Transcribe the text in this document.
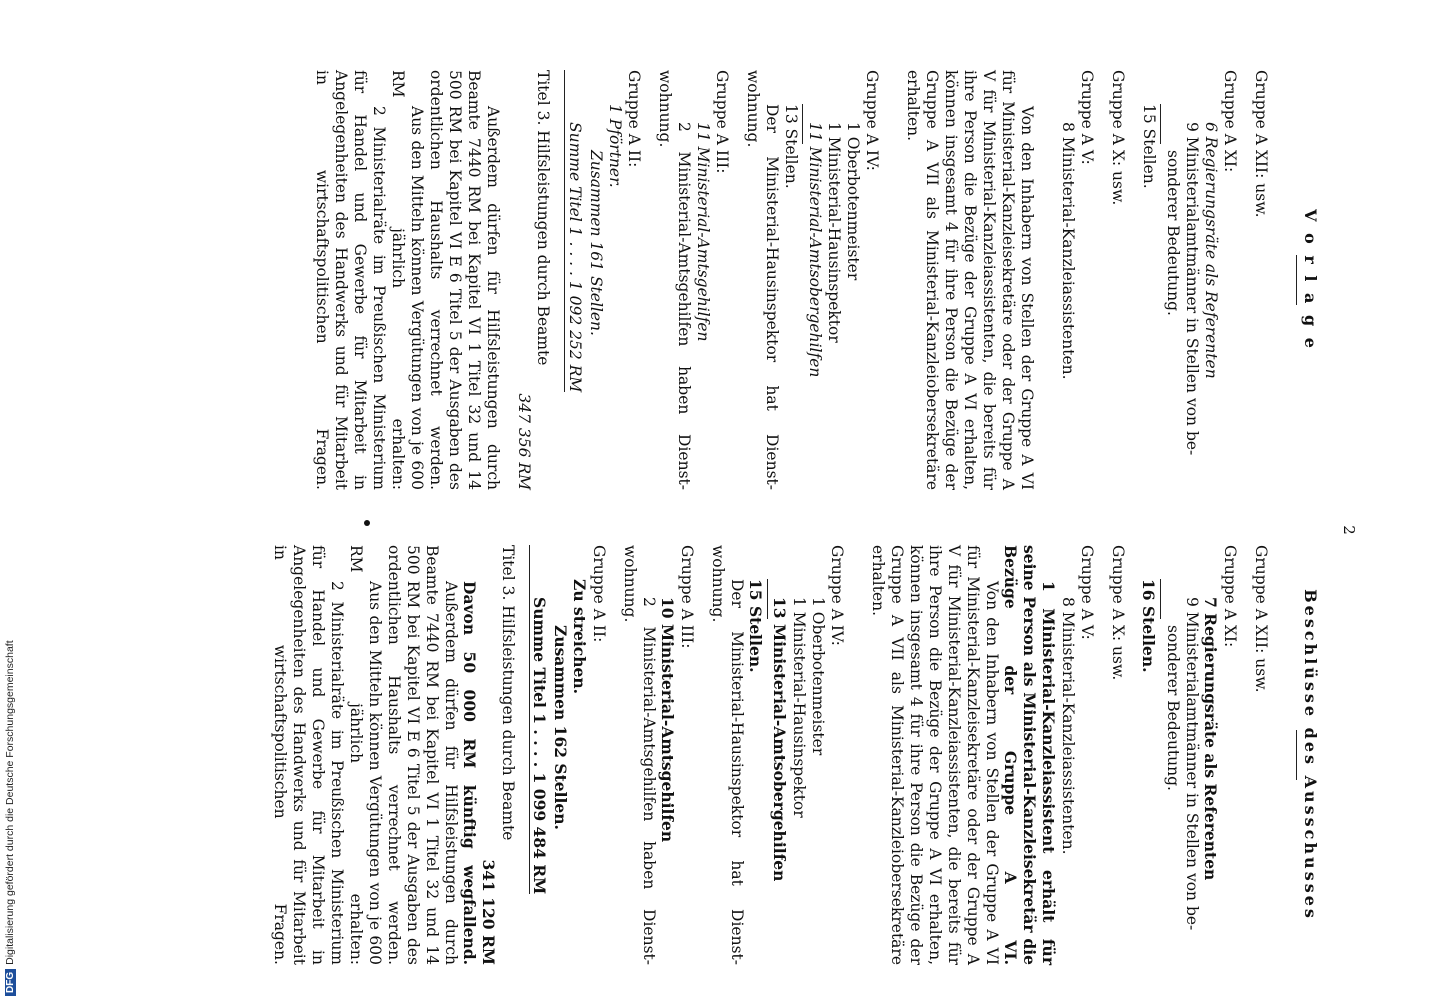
2
V o r l a g e
Gruppe A XII: usw.
Gruppe A XI:
6 Regierungsräte als Referenten
9 Ministerialamtmänner in Stellen von be-
sonderer Bedeutung.
15 Stellen.
Gruppe A X: usw.
Gruppe A V:
8 Ministerial-Kanzleiassistenten.
Von den Inhabern von Stellen der Gruppe A VI für Ministerial-Kanzleisekretäre oder der Gruppe A V für Ministerial-Kanzleiassistenten, die bereits für ihre Person die Bezüge der Gruppe A VI erhalten, können insgesamt 4 für ihre Person die Bezüge der Gruppe A VII als Ministerial-Kanzleiobersekretäre erhalten.
Gruppe A IV:
1 Oberbotenmeister
1 Ministerial-Hausinspektor
11 Ministerial-Amtsobergehilfen
13 Stellen.
Der Ministerial-Hausinspektor hat Dienst-
wohnung.
Gruppe A III:
11 Ministerial-Amtsgehilfen
2 Ministerial-Amtsgehilfen haben Dienst-
wohnung.
Gruppe A II:
1 Pförtner.
Zusammen 161 Stellen.
Summe Titel 1 . . . . 1 092 252 RM
Titel 3. Hilfsleistungen durch Beamte
347 356 RM
Außerdem dürfen für Hilfsleistungen durch Beamte 7440 RM bei Kapitel VI 1 Titel 32 und 14 500 RM bei Kapitel VI E 6 Titel 5 der Ausgaben des ordentlichen Haushalts verrechnet werden.
Aus den Mitteln können Vergütungen von je 600 RM jährlich erhalten:
2 Ministerialräte im Preußischen Ministerium für Handel und Gewerbe für Mitarbeit in Angelegenheiten des Handwerks und für Mitarbeit in wirtschaftspolitischen Fragen.
Beschlüsse des Ausschusses
Gruppe A XII: usw.
Gruppe A XI:
7 Regierungsräte als Referenten
9 Ministerialamtmänner in Stellen von be-
sonderer Bedeutung.
16 Stellen.
Gruppe A X: usw.
Gruppe A V:
8 Ministerial-Kanzleiassistenten.
1 Ministerial-Kanzleiassistent erhält für seine Person als Ministerial-Kanzleisekretär die Bezüge der Gruppe A VI.
Von den Inhabern von Stellen der Gruppe A VI für Ministerial-Kanzleisekretäre oder der Gruppe A V für Ministerial-Kanzleiassistenten, die bereits für ihre Person die Bezüge der Gruppe A VI erhalten, können insgesamt 4 für ihre Person die Bezüge der Gruppe A VII als Ministerial-Kanzleiobersekretäre erhalten.
Gruppe A IV:
1 Oberbotenmeister
1 Ministerial-Hausinspektor
13 Ministerial-Amtsobergehilfen
15 Stellen.
Der Ministerial-Hausinspektor hat Dienst-
wohnung.
Gruppe A III:
10 Ministerial-Amtsgehilfen
2 Ministerial-Amtsgehilfen haben Dienst-
wohnung.
Gruppe A II:
Zu streichen.
Zusammen 162 Stellen.
Summe Titel 1 . . . . 1 099 484 RM
Titel 3. Hilfsleistungen durch Beamte
341 120 RM
Davon 50 000 RM künftig wegfallend.
Außerdem dürfen für Hilfsleistungen durch Beamte 7440 RM bei Kapitel VI 1 Titel 32 und 14 500 RM bei Kapitel VI E 6 Titel 5 der Ausgaben des ordentlichen Haushalts verrechnet werden.
Aus den Mitteln können Vergütungen von je 600 RM jährlich erhalten:
2 Ministerialräte im Preußischen Ministerium für Handel und Gewerbe für Mitarbeit in Angelegenheiten des Handwerks und für Mitarbeit in wirtschaftspolitischen Fragen.
DFGDigitalisierung gefördert durch die Deutsche Forschungsgemeinschaft
